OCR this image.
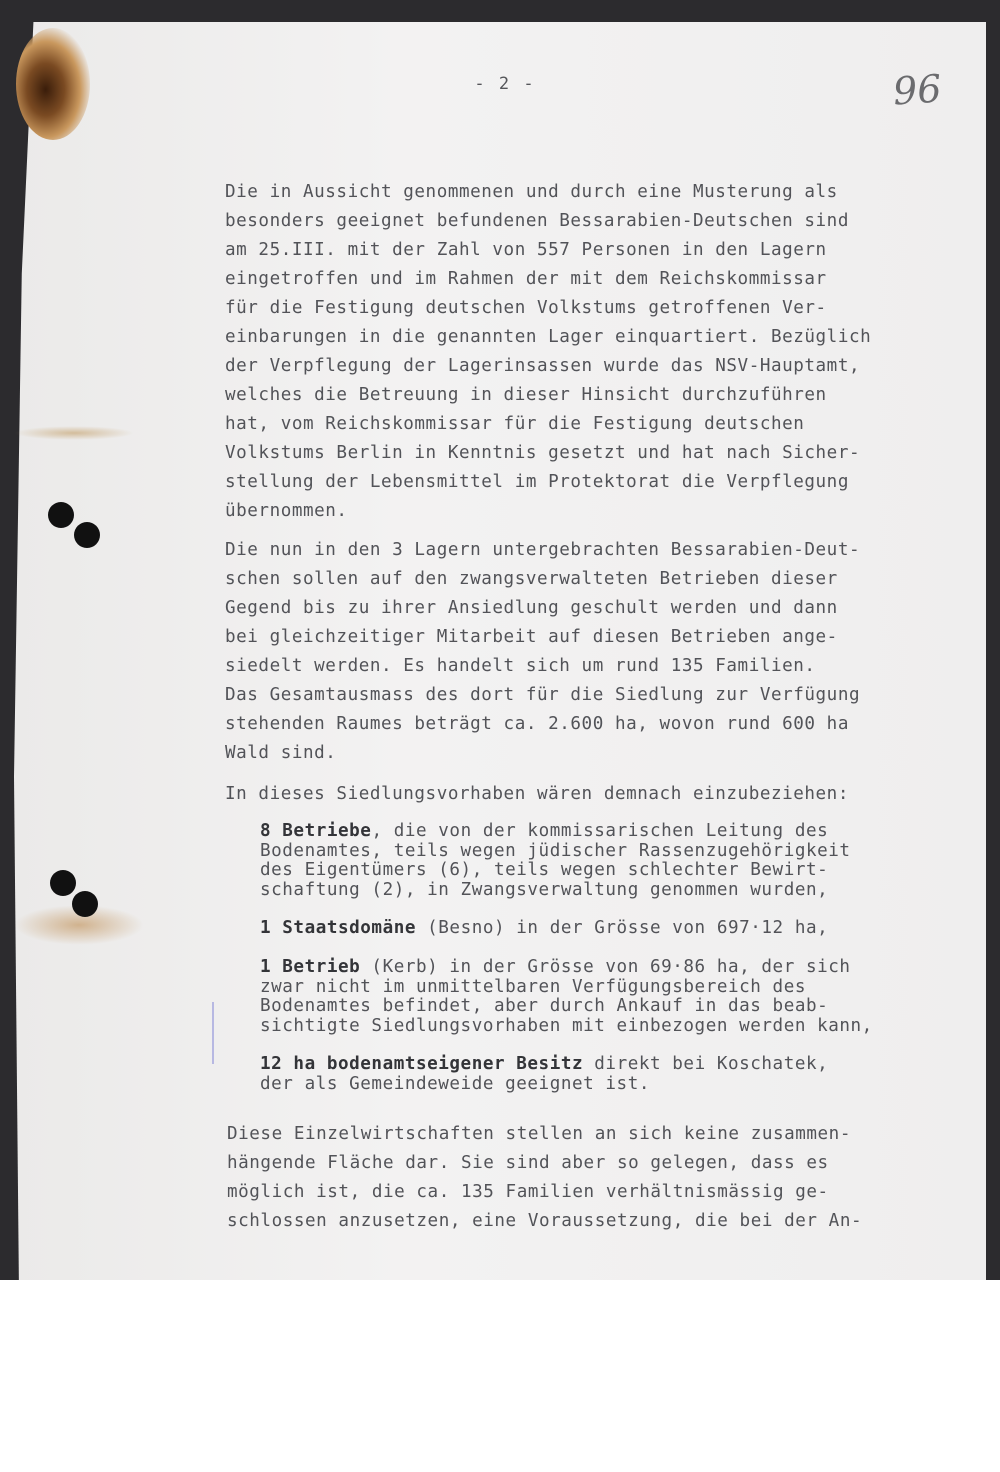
- 2 -	96

Die in Aussicht genommenen und durch eine Musterung als

besonders geeignet befundenen Bessarabien-Deutschen sind

am 25.III. mit der Zahl von 557 Personen in den Lagern

eingetroffen und im Rahmen der mit dem Reichskommissar

für die Festigung deutschen Volkstums getroffenen Ver-

einbarungen in die genannten Lager einquartiert. Bezüglich

der Verpflegung der Lagerinsassen wurde das NSV-Hauptamt,

welches die Betreuung in dieser Hinsicht durchzuführen

hat, vom Reichskommissar für die Festigung deutschen

Volkstums Berlin in Kenntnis gesetzt und hat nach Sicher-

stellung der Lebensmittel im Protektorat die Verpflegung

übernommen.

Die nun in den 3 Lagern untergebrachten Bessarabien-Deut-

schen sollen auf den zwangsverwalteten Betrieben dieser

Gegend bis zu ihrer Ansiedlung geschult werden und dann

bei gleichzeitiger Mitarbeit auf diesen Betrieben ange-

siedelt werden. Es handelt sich um rund 135 Familien.

Das Gesamtausmass des dort für die Siedlung zur Verfügung

stehenden Raumes beträgt ca. 2.600 ha, wovon rund 600 ha

Wald sind.

In dieses Siedlungsvorhaben wären demnach einzubeziehen:

8 Betriebe, die von der kommissarischen Leitung des

Bodenamtes, teils wegen jüdischer Rassenzugehörigkeit

des Eigentümers (6), teils wegen schlechter Bewirt-

schaftung (2), in Zwangsverwaltung genommen wurden,

1 Staatsdomäne (Besno) in der Grösse von 697·12 ha,

1 Betrieb (Kerb) in der Grösse von 69·86 ha, der sich

zwar nicht im unmittelbaren Verfügungsbereich des

Bodenamtes befindet, aber durch Ankauf in das beab-

sichtigte Siedlungsvorhaben mit einbezogen werden kann,

12 ha bodenamtseigener Besitz direkt bei Koschatek,

der als Gemeindeweide geeignet ist.

Diese Einzelwirtschaften stellen an sich keine zusammen-

hängende Fläche dar. Sie sind aber so gelegen, dass es

möglich ist, die ca. 135 Familien verhältnismässig ge-

schlossen anzusetzen, eine Voraussetzung, die bei der An-
